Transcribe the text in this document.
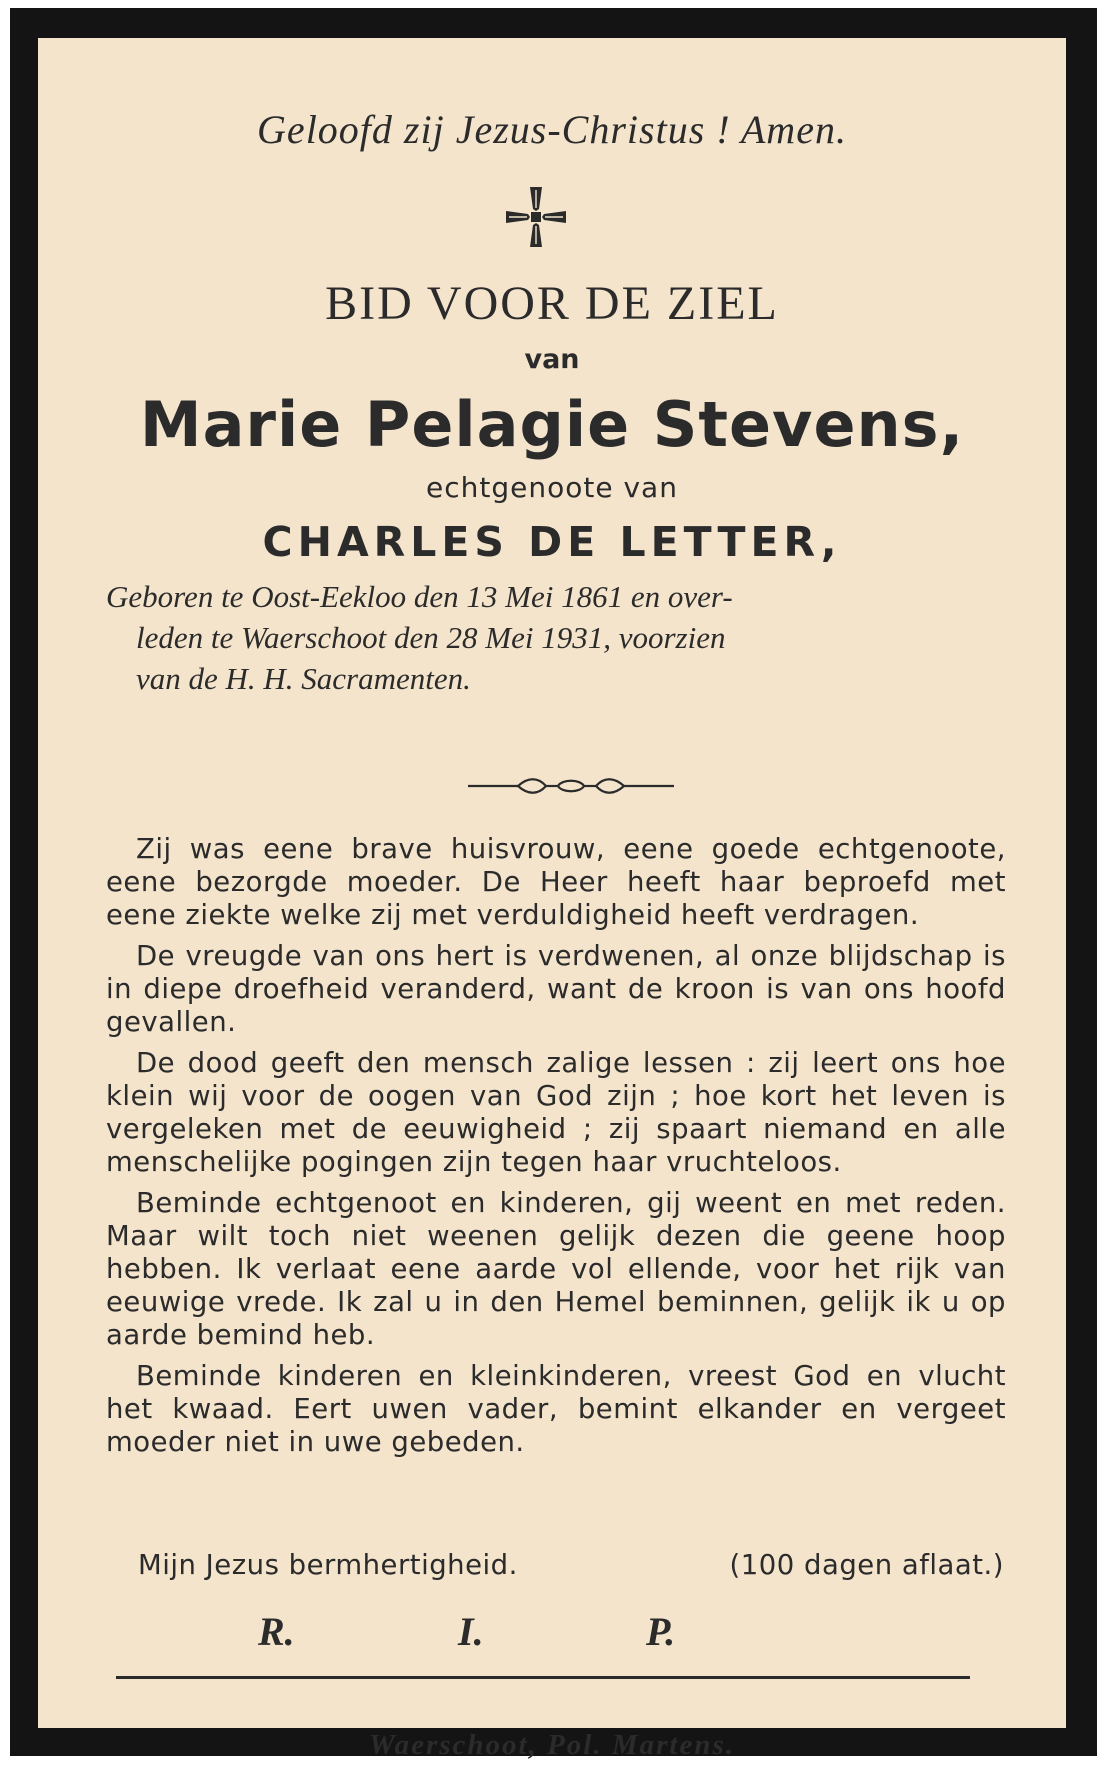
Geloofd zij Jezus-Christus ! Amen.

BID VOOR DE ZIEL

van

Marie Pelagie Stevens,

echtgenoote van

CHARLES DE LETTER,

Geboren te Oost-Eekloo den 13 Mei 1861 en over-

leden te Waerschoot den 28 Mei 1931, voorzien

van de H. H. Sacramenten.

Zij was eene brave huisvrouw, eene goede echtgenoote, eene bezorgde moeder. De Heer heeft haar beproefd met eene ziekte welke zij met verduldigheid heeft verdragen.

De vreugde van ons hert is verdwenen, al onze blijdschap is in diepe droefheid veranderd, want de kroon is van ons hoofd gevallen.

De dood geeft den mensch zalige lessen : zij leert ons hoe klein wij voor de oogen van God zijn ; hoe kort het leven is vergeleken met de eeuwigheid ; zij spaart niemand en alle menschelijke pogingen zijn tegen haar vruchteloos.

Beminde echtgenoot en kinderen, gij weent en met reden. Maar wilt toch niet weenen gelijk dezen die geene hoop hebben. Ik verlaat eene aarde vol ellende, voor het rijk van eeuwige vrede. Ik zal u in den Hemel beminnen, gelijk ik u op aarde bemind heb.

Beminde kinderen en kleinkinderen, vreest God en vlucht het kwaad. Eert uwen vader, bemint elkander en vergeet moeder niet in uwe gebeden.

Mijn Jezus bermhertigheid.	(100 dagen aflaat.)
R.	I.	P.

Waerschoot, Pol. Martens.
